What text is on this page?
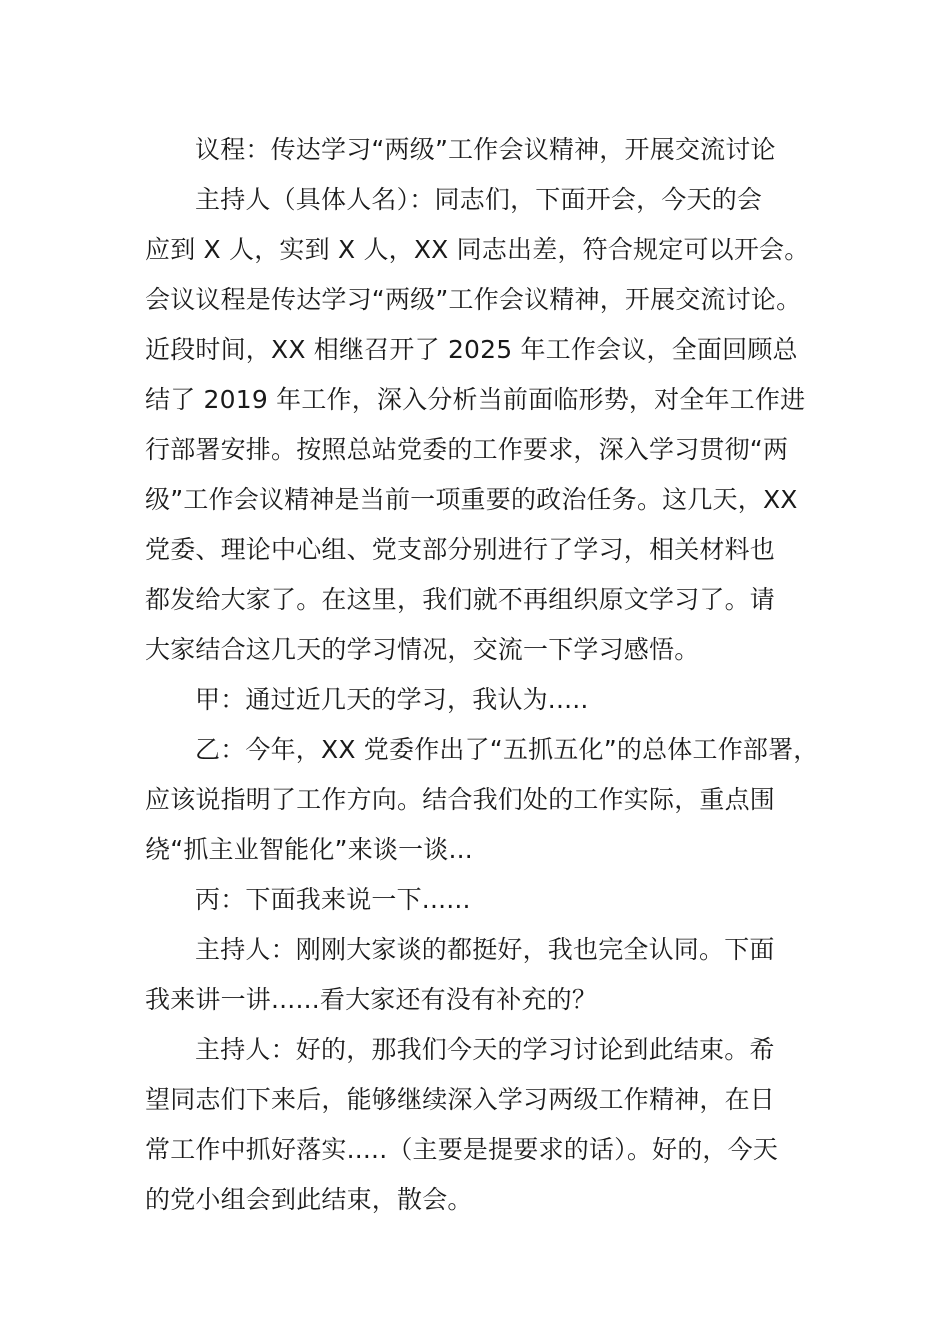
议程：传达学习“两级”工作会议精神，开展交流讨论
主持人（具体人名）：同志们，下面开会，今天的会
应到 X 人，实到 X 人，XX 同志出差，符合规定可以开会。
会议议程是传达学习“两级”工作会议精神，开展交流讨论。
近段时间，XX 相继召开了 2025 年工作会议，全面回顾总
结了 2019 年工作，深入分析当前面临形势，对全年工作进
行部署安排。按照总站党委的工作要求，深入学习贯彻“两
级”工作会议精神是当前一项重要的政治任务。这几天，XX
党委、理论中心组、党支部分别进行了学习，相关材料也
都发给大家了。在这里，我们就不再组织原文学习了。请
大家结合这几天的学习情况，交流一下学习感悟。
甲：通过近几天的学习，我认为.....
乙：今年，XX 党委作出了“五抓五化”的总体工作部署，
应该说指明了工作方向。结合我们处的工作实际，重点围
绕“抓主业智能化”来谈一谈...
丙：下面我来说一下......
主持人：刚刚大家谈的都挺好，我也完全认同。下面
我来讲一讲......看大家还有没有补充的？
主持人：好的，那我们今天的学习讨论到此结束。希
望同志们下来后，能够继续深入学习两级工作精神，在日
常工作中抓好落实.....（主要是提要求的话）。好的，今天
的党小组会到此结束，散会。
